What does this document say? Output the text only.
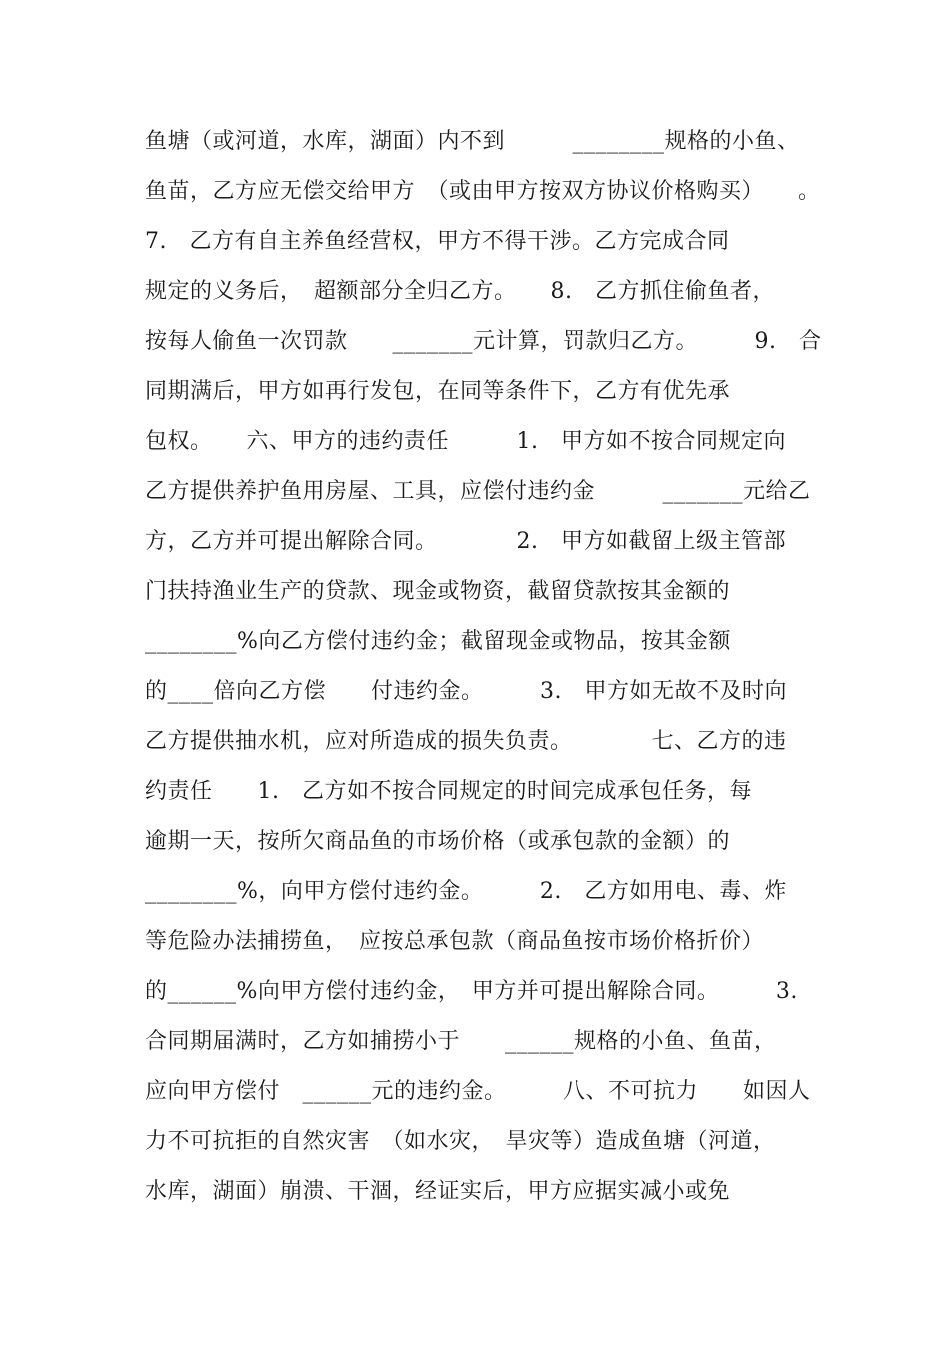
鱼塘（或河道，水库，湖面）内不到　　　________规格的小鱼、
鱼苗，乙方应无偿交给甲方　（或由甲方按双方协议价格购买）　　。
7.　乙方有自主养鱼经营权，甲方不得干涉。乙方完成合同
规定的义务后，　超额部分全归乙方。　　8.　乙方抓住偷鱼者，
按每人偷鱼一次罚款　　_______元计算，罚款归乙方。　　　9.　合
同期满后，甲方如再行发包，在同等条件下，乙方有优先承
包权。　　六、甲方的违约责任　　　1.　甲方如不按合同规定向
乙方提供养护鱼用房屋、工具，应偿付违约金　　　_______元给乙
方，乙方并可提出解除合同。　　　　2.　甲方如截留上级主管部
门扶持渔业生产的贷款、现金或物资，截留贷款按其金额的
________%向乙方偿付违约金；截留现金或物品，按其金额
的____倍向乙方偿　　付违约金。　　　3.　甲方如无故不及时向
乙方提供抽水机，应对所造成的损失负责。　　　　七、乙方的违
约责任　　1.　乙方如不按合同规定的时间完成承包任务，每
逾期一天，按所欠商品鱼的市场价格（或承包款的金额）的
________%，向甲方偿付违约金。　　　2.　乙方如用电、毒、炸
等危险办法捕捞鱼，　应按总承包款（商品鱼按市场价格折价）
的______%向甲方偿付违约金，　甲方并可提出解除合同。　　　3.
合同期届满时，乙方如捕捞小于　　______规格的小鱼、鱼苗，
应向甲方偿付　______元的违约金。　　　八、不可抗力　　如因人
力不可抗拒的自然灾害　（如水灾，　旱灾等）造成鱼塘（河道，
水库，湖面）崩溃、干涸，经证实后，甲方应据实减小或免
